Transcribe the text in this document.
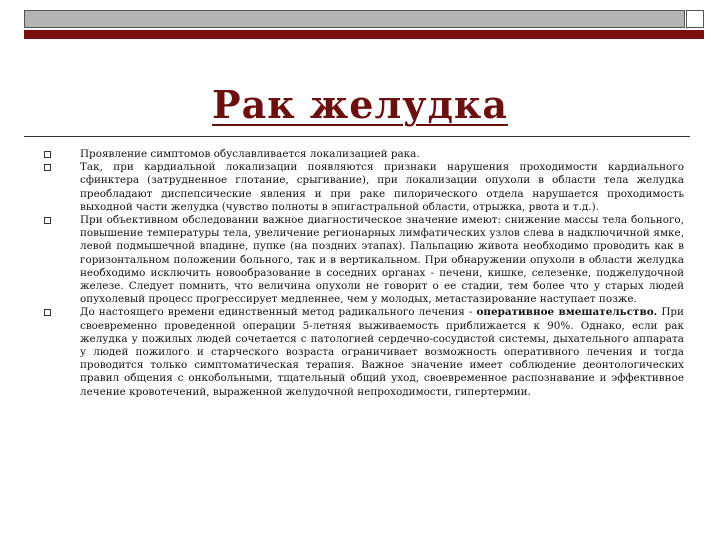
Рак желудка
Проявление симптомов обуславливается локализацией рака.
Так, при кардиальной локализации появляются признаки нарушения проходимости кардиального сфинктера (затрудненное глотание, срыгивание), при локализации опухоли в области тела желудка преобладают диспепсические явления и при раке пилорического отдела нарушается проходимость выходной части желудка (чувство полноты в эпигастральной области, отрыжка, рвота и т.д.).
При объективном обследовании важное диагностическое значение имеют: снижение массы тела больного, повышение температуры тела, увеличение регионарных лимфатических узлов слева в надключичной ямке, левой подмышечной впадине, пупке (на поздних этапах). Пальпацию живота необходимо проводить как в горизонтальном положении больного, так и в вертикальном. При обнаружении опухоли в области желудка необходимо исключить новообразование в соседних органах - печени, кишке, селезенке, поджелудочной железе. Следует помнить, что величина опухоли не говорит о ее стадии, тем более что у старых людей опухолевый процесс прогрессирует медленнее, чем у молодых, метастазирование наступает позже.
До настоящего времени единственный метод радикального лечения - оперативное вмешательство. При своевременно проведенной операции 5-летняя выживаемость приближается к 90%. Однако, если рак желудка у пожилых людей сочетается с патологией сердечно-сосудистой системы, дыхательного аппарата у людей пожилого и старческого возраста ограничивает возможность оперативного лечения и тогда проводится только симптоматическая терапия. Важное значение имеет соблюдение деонтологических правил общения с онкобольными, тщательный общий уход, своевременное распознавание и эффективное лечение кровотечений, выраженной желудочной непроходимости, гипертермии.
